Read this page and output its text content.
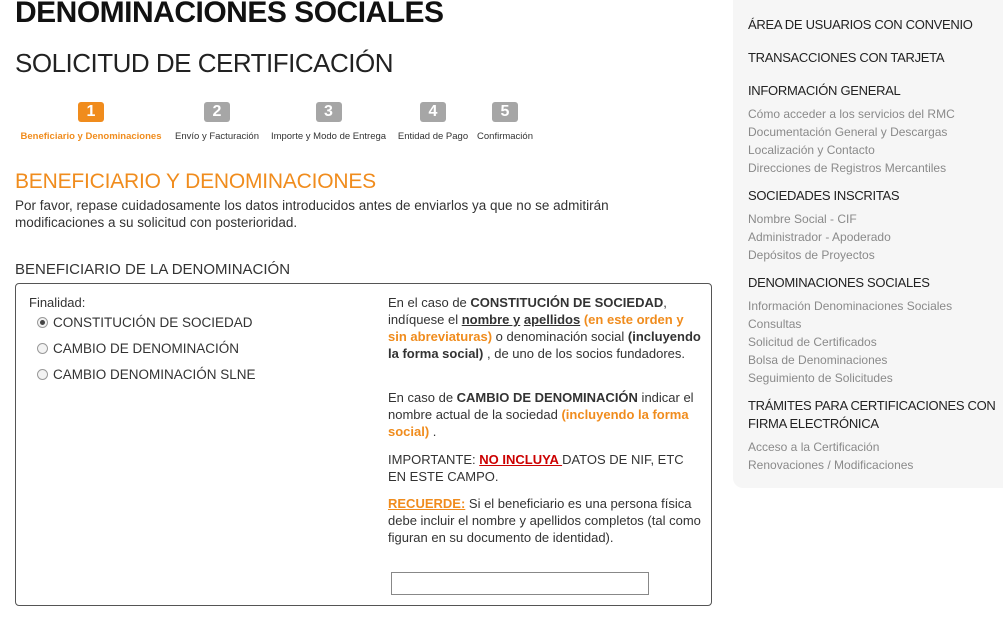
DENOMINACIONES SOCIALES
SOLICITUD DE CERTIFICACIÓN
1
Beneficiario y Denominaciones
2
Envío y Facturación
3
Importe y Modo de Entrega
4
Entidad de Pago
5
Confirmación
BENEFICIARIO Y DENOMINACIONES
Por favor, repase cuidadosamente los datos introducidos antes de enviarlos ya que no se admitirán modificaciones a su solicitud con posterioridad.
BENEFICIARIO DE LA DENOMINACIÓN
Finalidad:
CONSTITUCIÓN DE SOCIEDAD
CAMBIO DE DENOMINACIÓN
CAMBIO DENOMINACIÓN SLNE
En el caso de CONSTITUCIÓN DE SOCIEDAD, indíquese el nombre y apellidos (en este orden y sin abreviaturas) o denominación social (incluyendo la forma social) , de uno de los socios fundadores.
En caso de CAMBIO DE DENOMINACIÓN indicar el nombre actual de la sociedad (incluyendo la forma social) .
IMPORTANTE: NO INCLUYA DATOS DE NIF, ETC EN ESTE CAMPO.
RECUERDE: Si el beneficiario es una persona física debe incluir el nombre y apellidos completos (tal como figuran en su documento de identidad).
ÁREA DE USUARIOS CON CONVENIO
TRANSACCIONES CON TARJETA
INFORMACIÓN GENERAL
Cómo acceder a los servicios del RMC
Documentación General y Descargas
Localización y Contacto
Direcciones de Registros Mercantiles
SOCIEDADES INSCRITAS
Nombre Social - CIF
Administrador - Apoderado
Depósitos de Proyectos
DENOMINACIONES SOCIALES
Información Denominaciones Sociales
Consultas
Solicitud de Certificados
Bolsa de Denominaciones
Seguimiento de Solicitudes
TRÁMITES PARA CERTIFICACIONES CON FIRMA ELECTRÓNICA
Acceso a la Certificación
Renovaciones / Modificaciones
